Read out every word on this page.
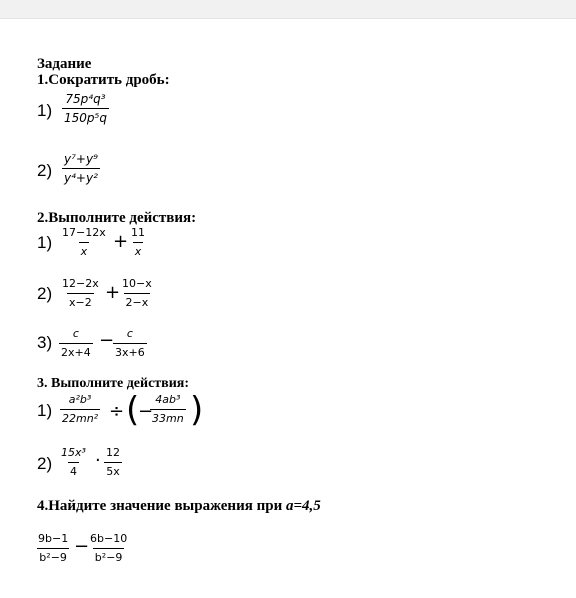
Задание
1.Сократить дробь:
$1) \frac{\text{75p⁴q³}}{\text{150p⁵q}}$
$2) \frac{\text{y⁷+y⁹}}{\text{y⁴+y²}}$
2.Выполните действия:
$1) \frac{17-12x}{x} + \frac{11}{x}$
$2) \frac{12-2x}{x-2} + \frac{10-x}{2-x}$
$3) \frac{c}{2x+4}$ −
$\frac{c}{3x+6}$
3. Выполните действия:
$1) \frac{\text{a²b³}}{\text{22mn²}}$ ÷ (
−
$\frac{\text{4ab³}}{33mn}$ )
$2) \frac{\text{15x³}}{4} \cdot \frac{12}{5x}$
4.Найдите значение выражения при a=4,5
$\frac{9b-1}{\text{b²−9}}$ −
$\frac{6b-10}{\text{b²−9}}$
